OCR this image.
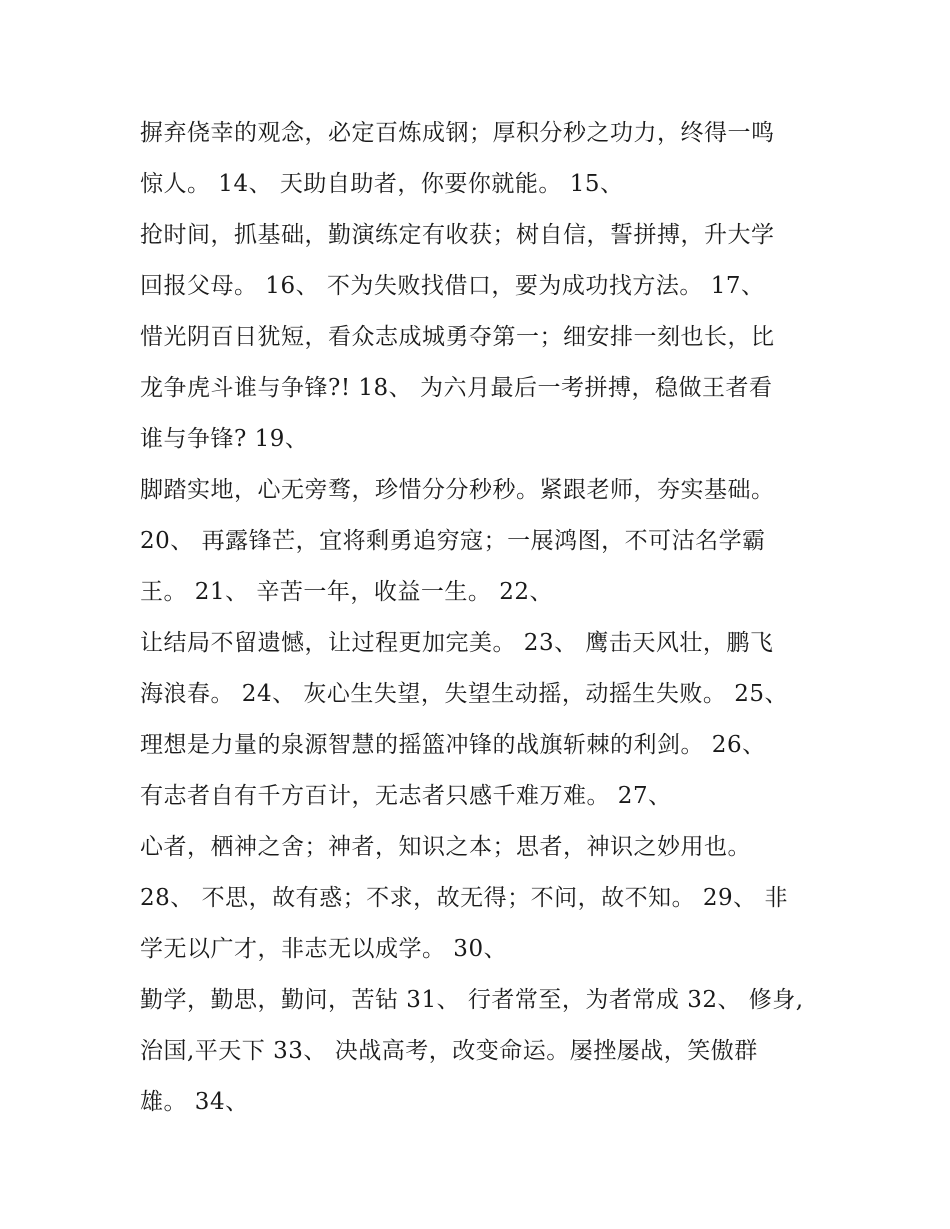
摒弃侥幸的观念，必定百炼成钢；厚积分秒之功力，终得一鸣
惊人。 14、 天助自助者，你要你就能。 15、
抢时间，抓基础，勤演练定有收获；树自信，誓拼搏，升大学
回报父母。 16、 不为失败找借口，要为成功找方法。 17、
惜光阴百日犹短，看众志成城勇夺第一；细安排一刻也长，比
龙争虎斗谁与争锋?! 18、 为六月最后一考拼搏，稳做王者看
谁与争锋? 19、
脚踏实地，心无旁骛，珍惜分分秒秒。紧跟老师，夯实基础。
20、 再露锋芒，宜将剩勇追穷寇；一展鸿图，不可沽名学霸
王。 21、 辛苦一年，收益一生。 22、
让结局不留遗憾，让过程更加完美。 23、 鹰击天风壮，鹏飞
海浪春。 24、 灰心生失望，失望生动摇，动摇生失败。 25、
理想是力量的泉源智慧的摇篮冲锋的战旗斩棘的利剑。 26、
有志者自有千方百计，无志者只感千难万难。 27、
心者，栖神之舍；神者，知识之本；思者，神识之妙用也。
28、 不思，故有惑；不求，故无得；不问，故不知。 29、 非
学无以广才，非志无以成学。 30、
勤学，勤思，勤问，苦钻 31、 行者常至，为者常成 32、 修身,
治国,平天下 33、 决战高考，改变命运。屡挫屡战，笑傲群
雄。 34、
